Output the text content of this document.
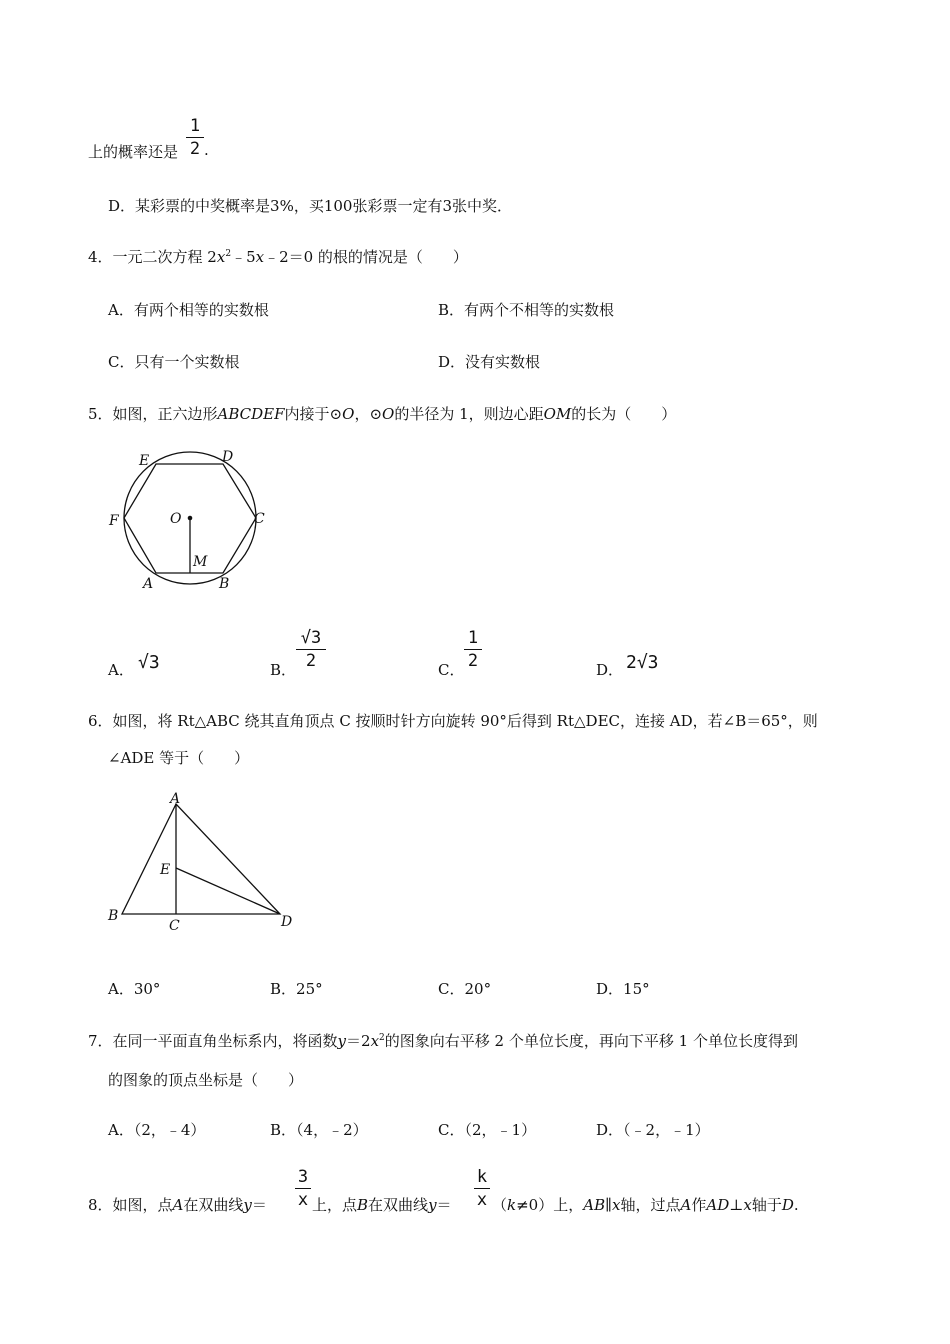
1
2
上的概率还是 .
D．某彩票的中奖概率是3%，买100张彩票一定有3张中奖．
4．一元二次方程 $2x^2﹣5x﹣2=0$ 的根的情况是（　　）
A．有两个相等的实数根	B．有两个不相等的实数根
C．只有一个实数根	D．没有实数根
5．如图，正六边形ABCDEF内接于⊙O，⊙O的半径为 1，则边心距OM的长为（　　）
E	D
F	O	C
M
A	B
A． √3	B．
√3
2	C．
1
2	D． 2√3
6．如图，将 Rt△ABC 绕其直角顶点 C 按顺时针方向旋转 90°后得到 Rt△DEC，连接 AD，若∠B＝65°，则
∠ADE 等于（　　）
A
E
B
C	D
A．30°	B．25°	C．20°	D．15°
7．在同一平面直角坐标系内，将函数$y=2x^2$的图象向右平移 2 个单位长度，再向下平移 1 个单位长度得到
的图象的顶点坐标是（　　）
A．（2，﹣4）	B．（4，﹣2）	C．（2，﹣1）	D．（﹣2，﹣1）
3
x
k
x
8．如图，点A在双曲线y＝	上，点B在双曲线y＝	（k≠0）上，AB∥x轴，过点A作AD⊥x轴于D.
